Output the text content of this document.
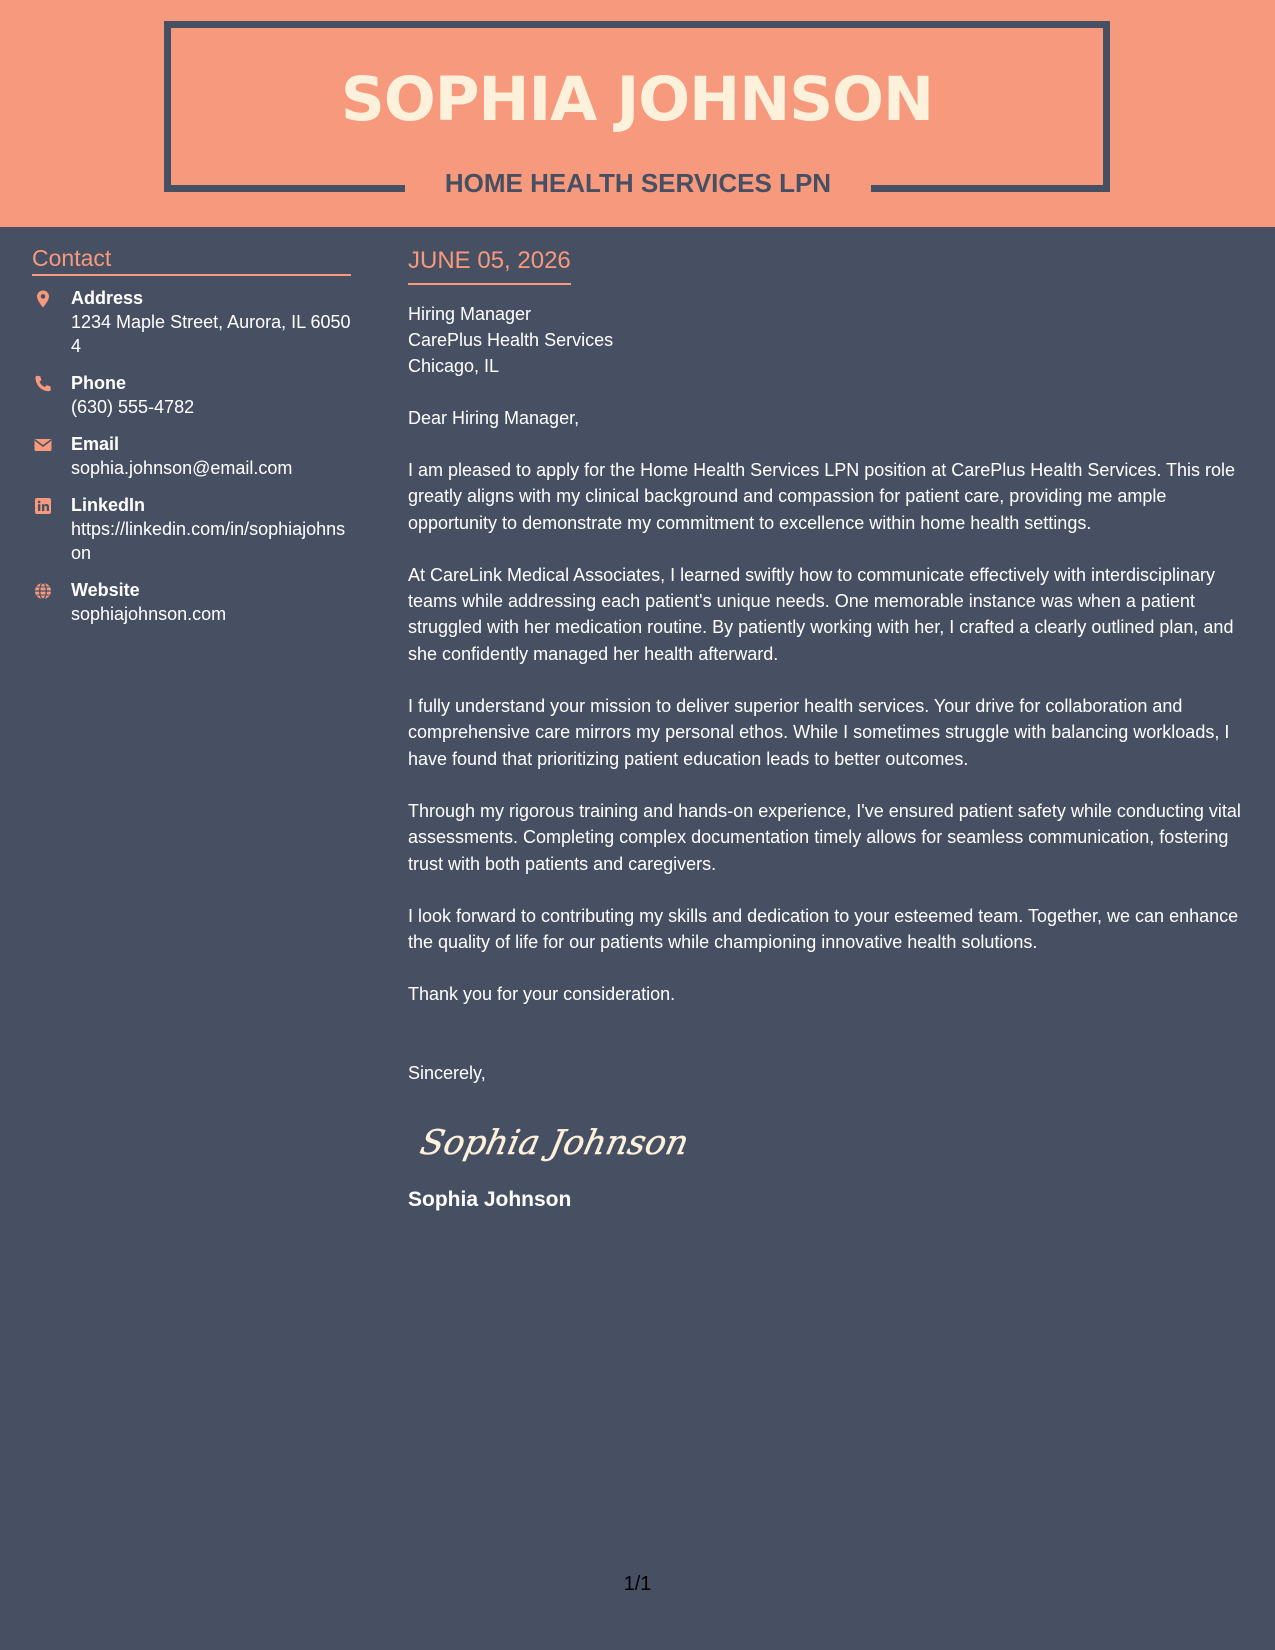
SOPHIA JOHNSON
HOME HEALTH SERVICES LPN
Contact
Address
1234 Maple Street, Aurora, IL 60504
Phone
(630) 555-4782
Email
sophia.johnson@email.com
LinkedIn
https://linkedin.com/in/sophiajohnson
Website
sophiajohnson.com
JUNE 05, 2026
Hiring Manager
CarePlus Health Services
Chicago, IL
Dear Hiring Manager,
I am pleased to apply for the Home Health Services LPN position at CarePlus Health Services. This role greatly aligns with my clinical background and compassion for patient care, providing me ample opportunity to demonstrate my commitment to excellence within home health settings.
At CareLink Medical Associates, I learned swiftly how to communicate effectively with interdisciplinary teams while addressing each patient's unique needs. One memorable instance was when a patient struggled with her medication routine. By patiently working with her, I crafted a clearly outlined plan, and she confidently managed her health afterward.
I fully understand your mission to deliver superior health services. Your drive for collaboration and comprehensive care mirrors my personal ethos. While I sometimes struggle with balancing workloads, I have found that prioritizing patient education leads to better outcomes.
Through my rigorous training and hands-on experience, I've ensured patient safety while conducting vital assessments. Completing complex documentation timely allows for seamless communication, fostering trust with both patients and caregivers.
I look forward to contributing my skills and dedication to your esteemed team. Together, we can enhance the quality of life for our patients while championing innovative health solutions.
Thank you for your consideration.
Sincerely,
Sophia Johnson
Sophia Johnson
1/1
